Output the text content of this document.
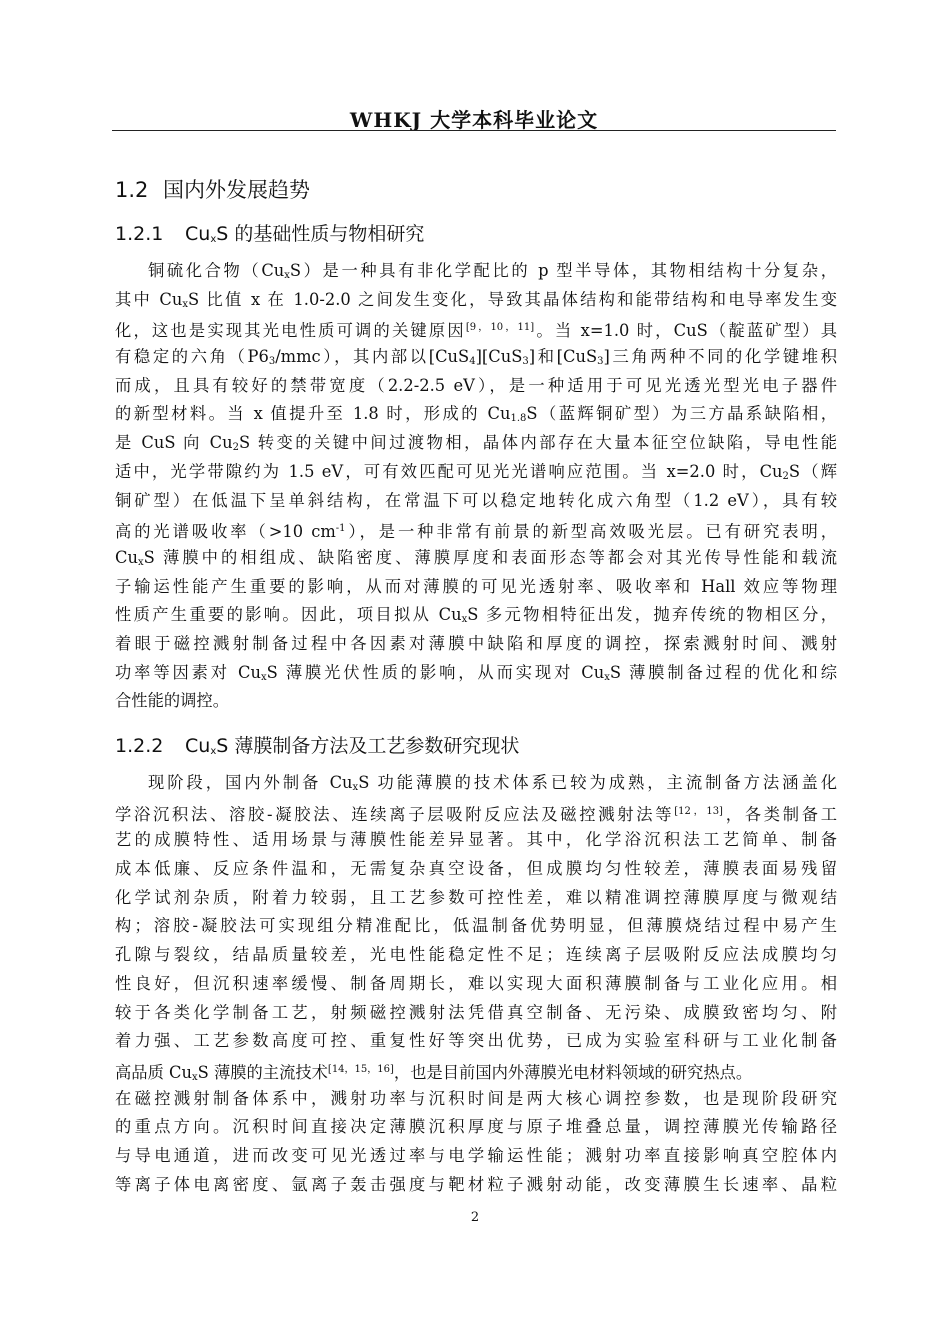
WHKJ 大学本科毕业论文
1.2 国内外发展趋势
1.2.1 $Cu_xS$ 的基础性质与物相研究
铜硫化合物$(Cu_xS)$是一种具有非化学配比的 p 型半导体，其物相结构十分复杂，
其中 $Cu_xS$ 比值 x 在 1.0-2.0 之间发生变化，导致其晶体结构和能带结构和电导率发生变
化，这也是实现其光电性质可调的关键原因[9，10，11]。当 x=1.0 时，CuS（靛蓝矿型）具
有稳定的六角$(P6_3/mmc)$，其内部以[CuS$_4$][CuS$_3$]和[CuS$_3$]三角两种不同的化学键堆积
而成，且具有较好的禁带宽度（2.2-2.5 eV），是一种适用于可见光透光型光电子器件
的新型材料。当 x 值提升至 1.8 时，形成的 $Cu_{1.8}S$（蓝辉铜矿型）为三方晶系缺陷相，
是 CuS 向 $Cu_2S$ 转变的关键中间过渡物相，晶体内部存在大量本征空位缺陷，导电性能
适中，光学带隙约为 1.5 eV，可有效匹配可见光光谱响应范围。当 x=2.0 时，$Cu_2S$（辉
铜矿型）在低温下呈单斜结构，在常温下可以稳定地转化成六角型（1.2 eV），具有较
高的光谱吸收率（>10 $cm^{-1}$），是一种非常有前景的新型高效吸光层。已有研究表明，
$Cu_xS$ 薄膜中的相组成、缺陷密度、薄膜厚度和表面形态等都会对其光传导性能和载流
子输运性能产生重要的影响，从而对薄膜的可见光透射率、吸收率和 Hall 效应等物理
性质产生重要的影响。因此，项目拟从 $Cu_xS$ 多元物相特征出发，抛弃传统的物相区分，
着眼于磁控溅射制备过程中各因素对薄膜中缺陷和厚度的调控，探索溅射时间、溅射
功率等因素对 $Cu_xS$ 薄膜光伏性质的影响，从而实现对 $Cu_xS$ 薄膜制备过程的优化和综
合性能的调控。
1.2.2 $Cu_xS$ 薄膜制备方法及工艺参数研究现状
现阶段，国内外制备 $Cu_xS$ 功能薄膜的技术体系已较为成熟，主流制备方法涵盖化
学浴沉积法、溶胶-凝胶法、连续离子层吸附反应法及磁控溅射法等[12，13]，各类制备工
艺的成膜特性、适用场景与薄膜性能差异显著。其中，化学浴沉积法工艺简单、制备
成本低廉、反应条件温和，无需复杂真空设备，但成膜均匀性较差，薄膜表面易残留
化学试剂杂质，附着力较弱，且工艺参数可控性差，难以精准调控薄膜厚度与微观结
构；溶胶-凝胶法可实现组分精准配比，低温制备优势明显，但薄膜烧结过程中易产生
孔隙与裂纹，结晶质量较差，光电性能稳定性不足；连续离子层吸附反应法成膜均匀
性良好，但沉积速率缓慢、制备周期长，难以实现大面积薄膜制备与工业化应用。相
较于各类化学制备工艺，射频磁控溅射法凭借真空制备、无污染、成膜致密均匀、附
着力强、工艺参数高度可控、重复性好等突出优势，已成为实验室科研与工业化制备
高品质 $Cu_xS$ 薄膜的主流技术[14，15，16]，也是目前国内外薄膜光电材料领域的研究热点。
在磁控溅射制备体系中，溅射功率与沉积时间是两大核心调控参数，也是现阶段研究
的重点方向。沉积时间直接决定薄膜沉积厚度与原子堆叠总量，调控薄膜光传输路径
与导电通道，进而改变可见光透过率与电学输运性能；溅射功率直接影响真空腔体内
等离子体电离密度、氩离子轰击强度与靶材粒子溅射动能，改变薄膜生长速率、晶粒
2
